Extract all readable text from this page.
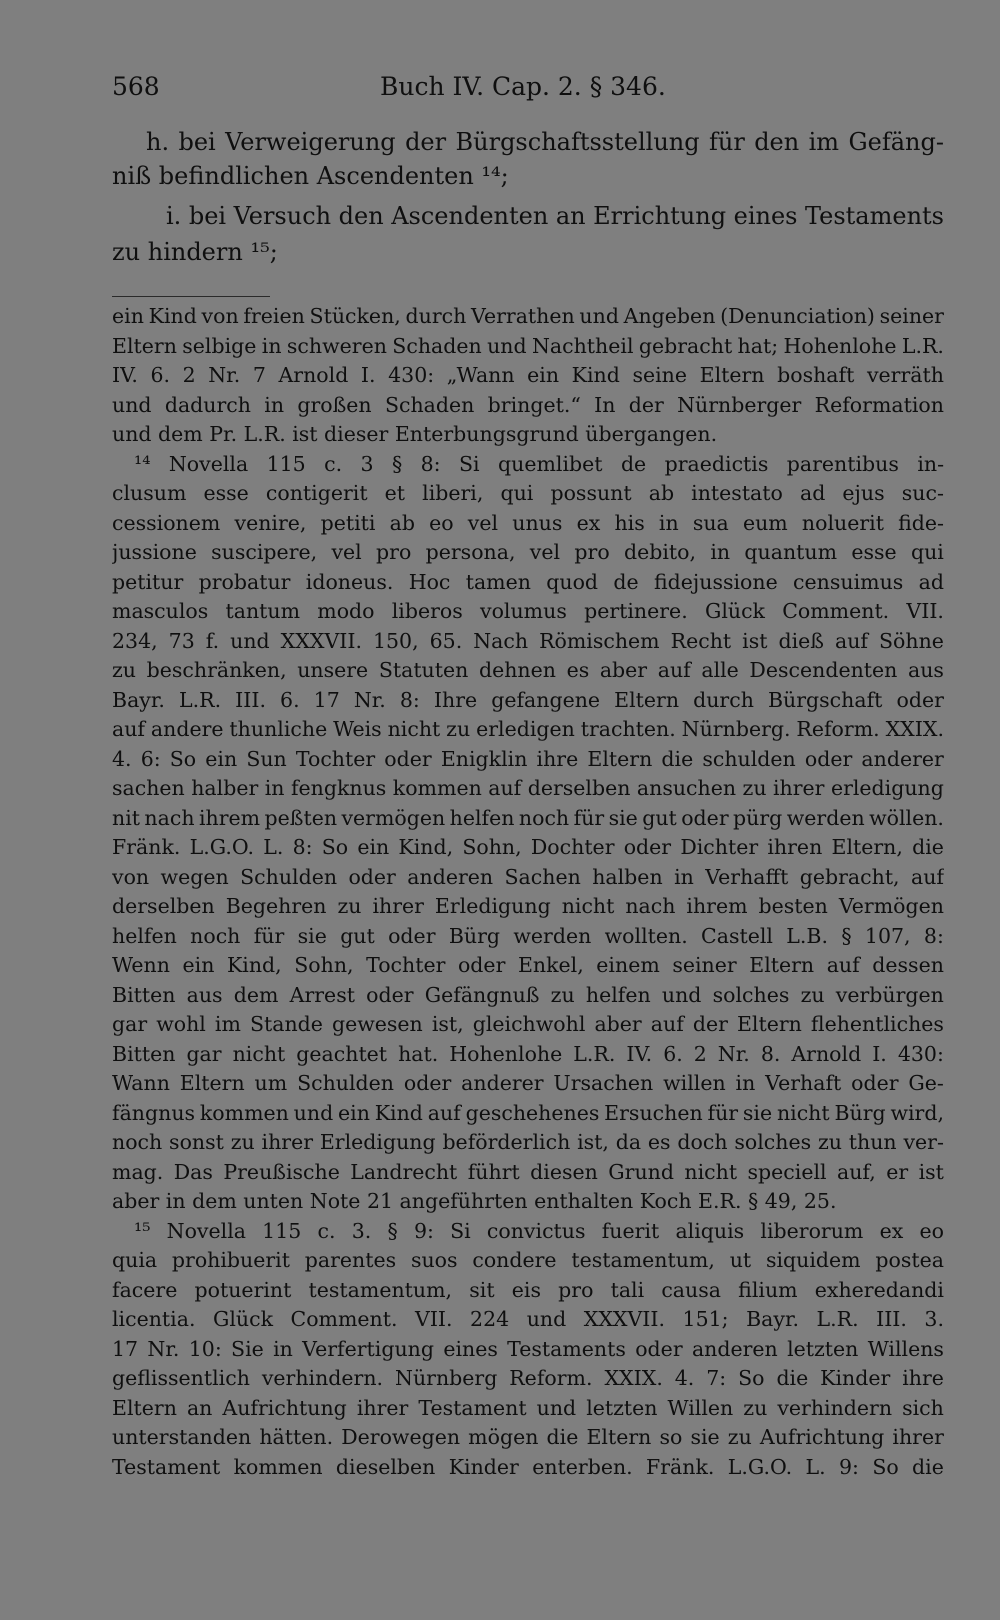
568	Buch IV. Cap. 2. § 346.
h. bei Verweigerung der Bürgschaftsstellung für den im Gefäng-
niß befindlichen Ascendenten ¹⁴;
i. bei Versuch den Ascendenten an Errichtung eines Testaments
zu hindern ¹⁵;
ein Kind von freien Stücken, durch Verrathen und Angeben (Denunciation) seiner
Eltern selbige in schweren Schaden und Nachtheil gebracht hat; Hohenlohe L.R.
IV. 6. 2 Nr. 7 Arnold I. 430: „Wann ein Kind seine Eltern boshaft verräth
und dadurch in großen Schaden bringet.“ In der Nürnberger Reformation
und dem Pr. L.R. ist dieser Enterbungsgrund übergangen.
¹⁴ Novella 115 c. 3 § 8: Si quemlibet de praedictis parentibus in-
clusum esse contigerit et liberi, qui possunt ab intestato ad ejus suc-
cessionem venire, petiti ab eo vel unus ex his in sua eum noluerit fide-
jussione suscipere, vel pro persona, vel pro debito, in quantum esse qui
petitur probatur idoneus. Hoc tamen quod de fidejussione censuimus ad
masculos tantum modo liberos volumus pertinere. Glück Comment. VII.
234, 73 f. und XXXVII. 150, 65. Nach Römischem Recht ist dieß auf Söhne
zu beschränken, unsere Statuten dehnen es aber auf alle Descendenten aus
Bayr. L.R. III. 6. 17 Nr. 8: Ihre gefangene Eltern durch Bürgschaft oder
auf andere thunliche Weis nicht zu erledigen trachten. Nürnberg. Reform. XXIX.
4. 6: So ein Sun Tochter oder Enigklin ihre Eltern die schulden oder anderer
sachen halber in fengknus kommen auf derselben ansuchen zu ihrer erledigung
nit nach ihrem peßten vermögen helfen noch für sie gut oder pürg werden wöllen.
Fränk. L.G.O. L. 8: So ein Kind, Sohn, Dochter oder Dichter ihren Eltern, die
von wegen Schulden oder anderen Sachen halben in Verhafft gebracht, auf
derselben Begehren zu ihrer Erledigung nicht nach ihrem besten Vermögen
helfen noch für sie gut oder Bürg werden wollten. Castell L.B. § 107, 8:
Wenn ein Kind, Sohn, Tochter oder Enkel, einem seiner Eltern auf dessen
Bitten aus dem Arrest oder Gefängnuß zu helfen und solches zu verbürgen
gar wohl im Stande gewesen ist, gleichwohl aber auf der Eltern flehentliches
Bitten gar nicht geachtet hat. Hohenlohe L.R. IV. 6. 2 Nr. 8. Arnold I. 430:
Wann Eltern um Schulden oder anderer Ursachen willen in Verhaft oder Ge-
fängnus kommen und ein Kind auf geschehenes Ersuchen für sie nicht Bürg wird,
noch sonst zu ihrer Erledigung beförderlich ist, da es doch solches zu thun ver-
mag. Das Preußische Landrecht führt diesen Grund nicht speciell auf, er ist
aber in dem unten Note 21 angeführten enthalten Koch E.R. § 49, 25.
¹⁵ Novella 115 c. 3. § 9: Si convictus fuerit aliquis liberorum ex eo
quia prohibuerit parentes suos condere testamentum, ut siquidem postea
facere potuerint testamentum, sit eis pro tali causa filium exheredandi
licentia. Glück Comment. VII. 224 und XXXVII. 151; Bayr. L.R. III. 3.
17 Nr. 10: Sie in Verfertigung eines Testaments oder anderen letzten Willens
geflissentlich verhindern. Nürnberg Reform. XXIX. 4. 7: So die Kinder ihre
Eltern an Aufrichtung ihrer Testament und letzten Willen zu verhindern sich
unterstanden hätten. Derowegen mögen die Eltern so sie zu Aufrichtung ihrer
Testament kommen dieselben Kinder enterben. Fränk. L.G.O. L. 9: So die
